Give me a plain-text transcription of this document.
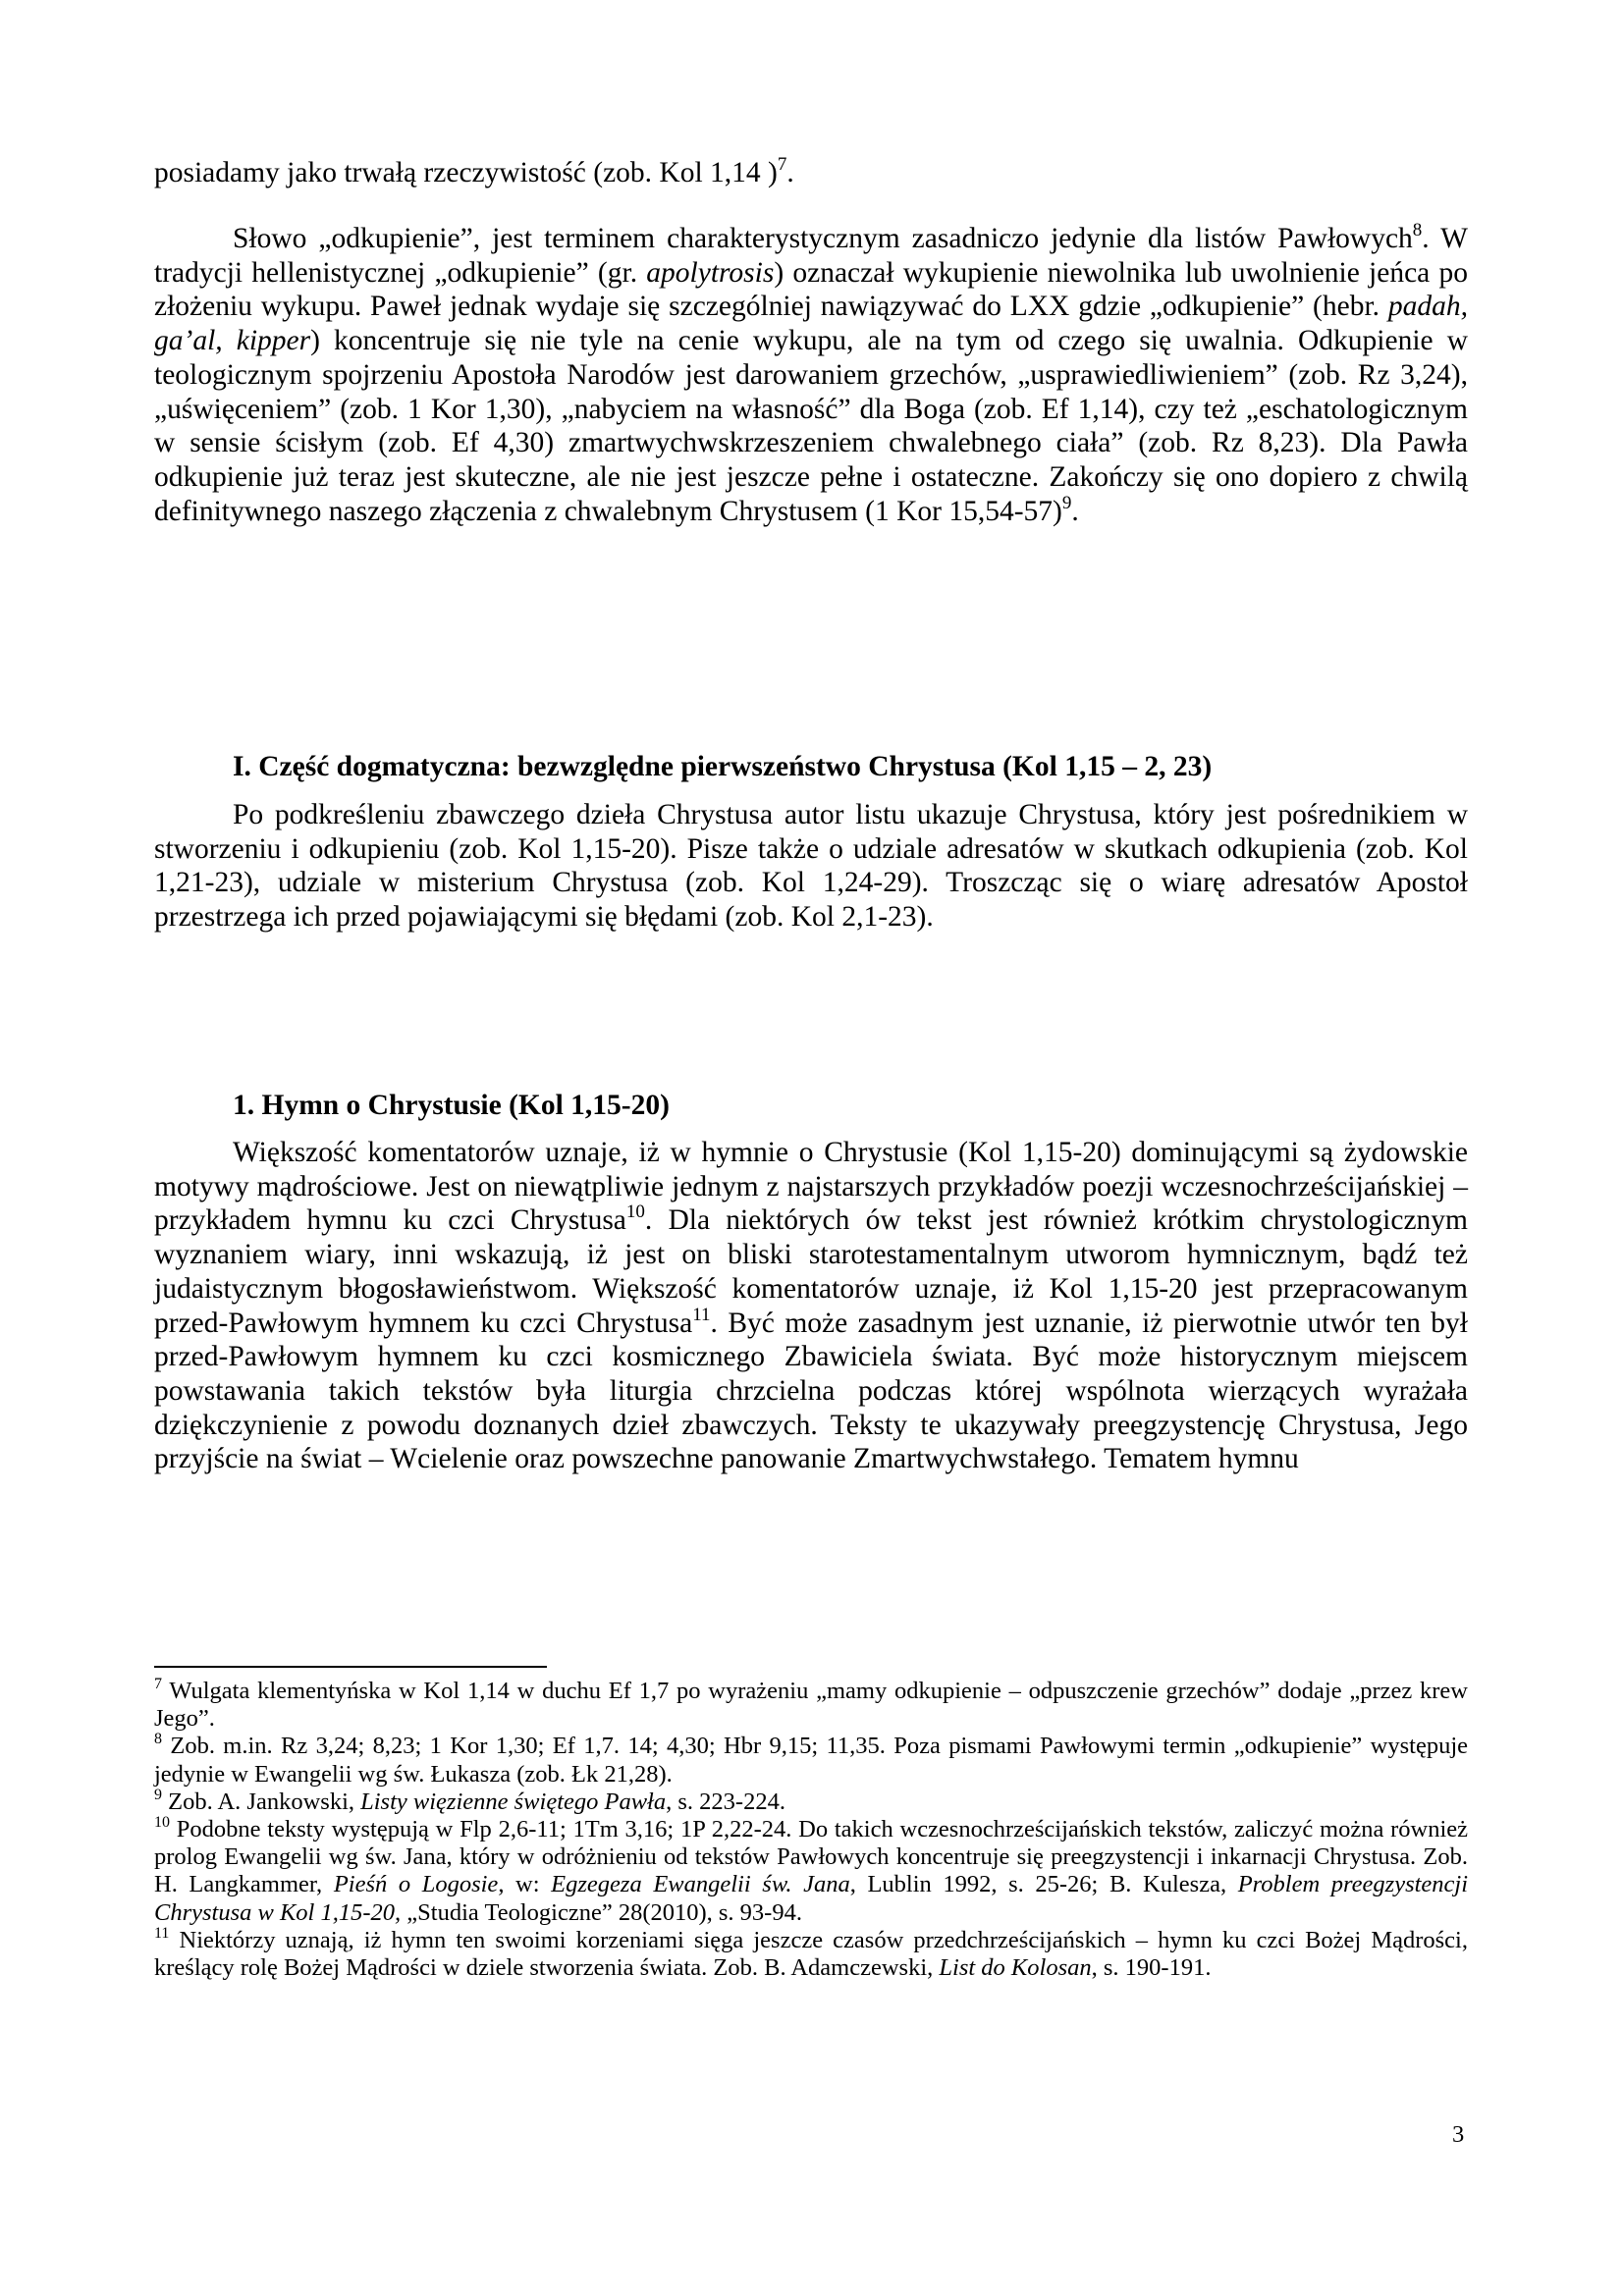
posiadamy jako trwałą rzeczywistość (zob. Kol 1,14 )$^7$.

Słowo „odkupienie”, jest terminem charakterystycznym zasadniczo jedynie dla listów Pawłowych$^8$. W tradycji hellenistycznej „odkupienie” (gr. apolytrosis) oznaczał wykupienie niewolnika lub uwolnienie jeńca po złożeniu wykupu. Paweł jednak wydaje się szczególniej nawiązywać do LXX gdzie „odkupienie” (hebr. padah, ga’al, kipper) koncentruje się nie tyle na cenie wykupu, ale na tym od czego się uwalnia. Odkupienie w teologicznym spojrzeniu Apostoła Narodów jest darowaniem grzechów, „usprawiedliwieniem” (zob. Rz 3,24), „uświęceniem” (zob. 1 Kor 1,30), „nabyciem na własność” dla Boga (zob. Ef 1,14), czy też „eschatologicznym w sensie ścisłym (zob. Ef 4,30) zmartwychwskrzeszeniem chwalebnego ciała” (zob. Rz 8,23). Dla Pawła odkupienie już teraz jest skuteczne, ale nie jest jeszcze pełne i ostateczne. Zakończy się ono dopiero z chwilą definitywnego naszego złączenia z chwalebnym Chrystusem (1 Kor 15,54-57)$^9$.

I. Część dogmatyczna: bezwzględne pierwszeństwo Chrystusa (Kol 1,15 – 2, 23)

Po podkreśleniu zbawczego dzieła Chrystusa autor listu ukazuje Chrystusa, który jest pośrednikiem w stworzeniu i odkupieniu (zob. Kol 1,15-20). Pisze także o udziale adresatów w skutkach odkupienia (zob. Kol 1,21-23), udziale w misterium Chrystusa (zob. Kol 1,24-29). Troszcząc się o wiarę adresatów Apostoł przestrzega ich przed pojawiającymi się błędami (zob. Kol 2,1-23).

1. Hymn o Chrystusie (Kol 1,15-20)

Większość komentatorów uznaje, iż w hymnie o Chrystusie (Kol 1,15-20) dominującymi są żydowskie motywy mądrościowe. Jest on niewątpliwie jednym z najstarszych przykładów poezji wczesnochrześcijańskiej – przykładem hymnu ku czci Chrystusa$^{10}$. Dla niektórych ów tekst jest również krótkim chrystologicznym wyznaniem wiary, inni wskazują, iż jest on bliski starotestamentalnym utworom hymnicznym, bądź też judaistycznym błogosławieństwom. Większość komentatorów uznaje, iż Kol 1,15-20 jest przepracowanym przed-Pawłowym hymnem ku czci Chrystusa$^{11}$. Być może zasadnym jest uznanie, iż pierwotnie utwór ten był przed-Pawłowym hymnem ku czci kosmicznego Zbawiciela świata. Być może historycznym miejscem powstawania takich tekstów była liturgia chrzcielna podczas której wspólnota wierzących wyrażała dziękczynienie z powodu doznanych dzieł zbawczych. Teksty te ukazywały preegzystencję Chrystusa, Jego przyjście na świat – Wcielenie oraz powszechne panowanie Zmartwychwstałego. Tematem hymnu

$^7$ Wulgata klementyńska w Kol 1,14 w duchu Ef 1,7 po wyrażeniu „mamy odkupienie – odpuszczenie grzechów” dodaje „przez krew Jego”.

$^8$ Zob. m.in. Rz 3,24; 8,23; 1 Kor 1,30; Ef 1,7. 14; 4,30; Hbr 9,15; 11,35. Poza pismami Pawłowymi termin „odkupienie” występuje jedynie w Ewangelii wg św. Łukasza (zob. Łk 21,28).

$^9$ Zob. A. Jankowski, Listy więzienne świętego Pawła, s. 223-224.

$^{10}$ Podobne teksty występują w Flp 2,6-11; 1Tm 3,16; 1P 2,22-24. Do takich wczesnochrześcijańskich tekstów, zaliczyć można również prolog Ewangelii wg św. Jana, który w odróżnieniu od tekstów Pawłowych koncentruje się preegzystencji i inkarnacji Chrystusa. Zob. H. Langkammer, Pieśń o Logosie, w: Egzegeza Ewangelii św. Jana, Lublin 1992, s. 25-26; B. Kulesza, Problem preegzystencji Chrystusa w Kol 1,15-20, „Studia Teologiczne” 28(2010), s. 93-94.

$^{11}$ Niektórzy uznają, iż hymn ten swoimi korzeniami sięga jeszcze czasów przedchrześcijańskich – hymn ku czci Bożej Mądrości, kreślący rolę Bożej Mądrości w dziele stworzenia świata. Zob. B. Adamczewski, List do Kolosan, s. 190-191.

3
